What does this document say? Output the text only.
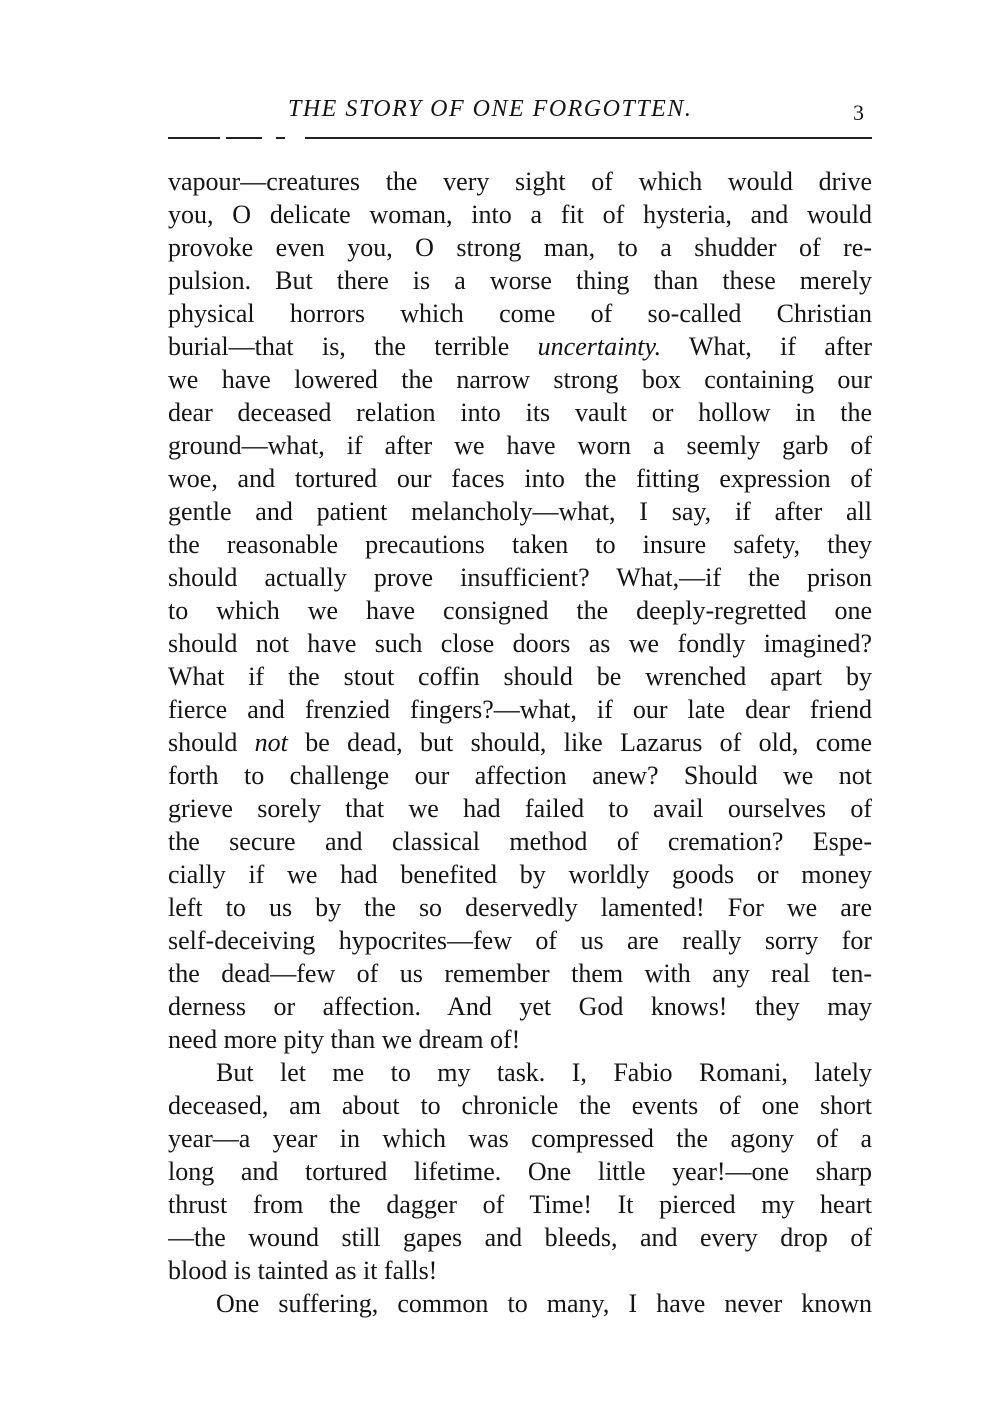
THE STORY OF ONE FORGOTTEN.	3
vapour—creatures the very sight of which would drive
you, O delicate woman, into a fit of hysteria, and would
provoke even you, O strong man, to a shudder of re-
pulsion. But there is a worse thing than these merely
physical horrors which come of so-called Christian
burial—that is, the terrible uncertainty. What, if after
we have lowered the narrow strong box containing our
dear deceased relation into its vault or hollow in the
ground—what, if after we have worn a seemly garb of
woe, and tortured our faces into the fitting expression of
gentle and patient melancholy—what, I say, if after all
the reasonable precautions taken to insure safety, they
should actually prove insufficient? What,—if the prison
to which we have consigned the deeply-regretted one
should not have such close doors as we fondly imagined?
What if the stout coffin should be wrenched apart by
fierce and frenzied fingers?—what, if our late dear friend
should not be dead, but should, like Lazarus of old, come
forth to challenge our affection anew? Should we not
grieve sorely that we had failed to avail ourselves of
the secure and classical method of cremation? Espe-
cially if we had benefited by worldly goods or money
left to us by the so deservedly lamented! For we are
self-deceiving hypocrites—few of us are really sorry for
the dead—few of us remember them with any real ten-
derness or affection. And yet God knows! they may
need more pity than we dream of!
But let me to my task. I, Fabio Romani, lately
deceased, am about to chronicle the events of one short
year—a year in which was compressed the agony of a
long and tortured lifetime. One little year!—one sharp
thrust from the dagger of Time! It pierced my heart
—the wound still gapes and bleeds, and every drop of
blood is tainted as it falls!
One suffering, common to many, I have never known
